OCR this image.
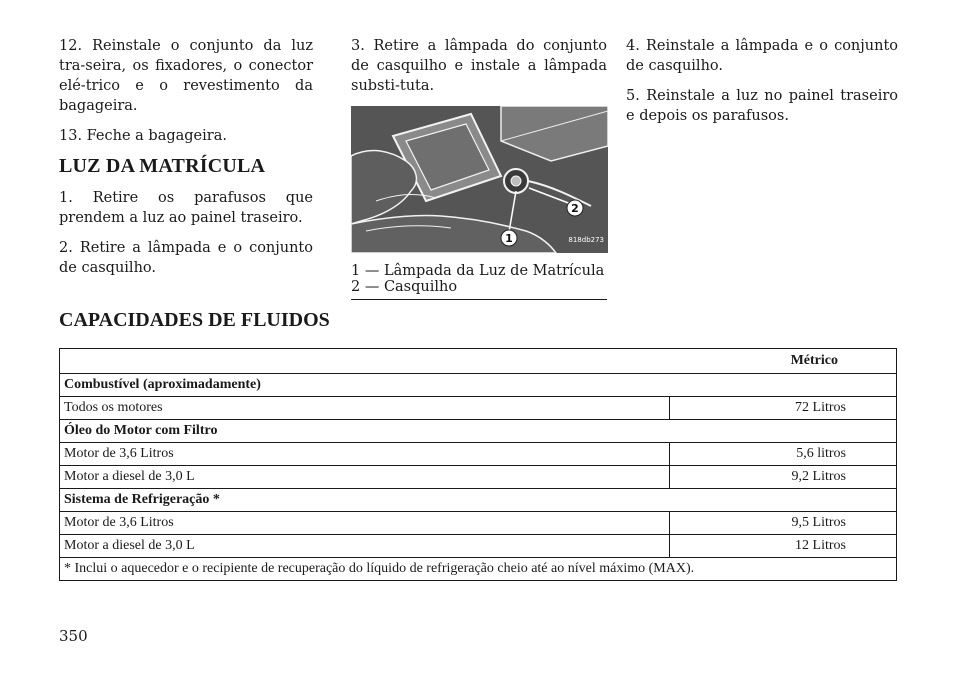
12. Reinstale o conjunto da luz tra-seira, os fixadores, o conector elé-trico e o revestimento da bagageira.

13. Feche a bagageira.

LUZ DA MATRÍCULA

1. Retire os parafusos que prendem a luz ao painel traseiro.

2. Retire a lâmpada e o conjunto de casquilho.

3. Retire a lâmpada do conjunto de casquilho e instale a lâmpada substi-tuta.

2
1	818db273
1 — Lâmpada da Luz de Matrícula
2 — Casquilho

4. Reinstale a lâmpada e o conjunto de casquilho.

5. Reinstale a luz no painel traseiro e depois os parafusos.

CAPACIDADES DE FLUIDOS
Métrico	
Combustível (aproximadamente)	
Todos os motores	72 Litros
Óleo do Motor com Filtro	
Motor de 3,6 Litros	5,6 litros
Motor a diesel de 3,0 L	9,2 Litros
Sistema de Refrigeração *	
Motor de 3,6 Litros	9,5 Litros
Motor a diesel de 3,0 L	12 Litros
* Inclui o aquecedor e o recipiente de recuperação do líquido de refrigeração cheio até ao nível máximo (MAX).	
350
